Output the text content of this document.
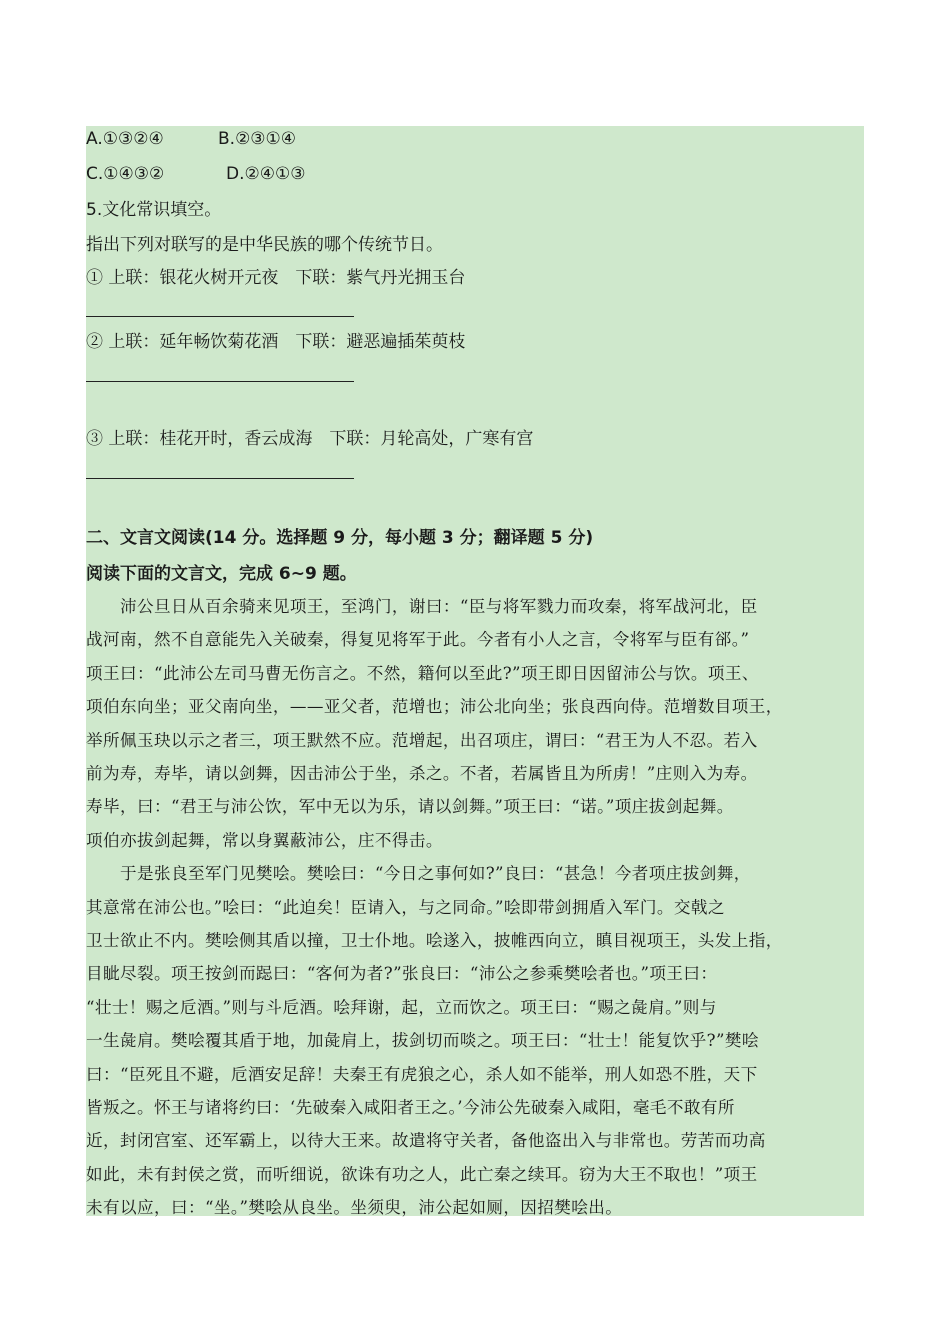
A.①③②④	B.②③①④
C.①④③②	D.②④①③
5.文化常识填空。
指出下列对联写的是中华民族的哪个传统节日。
① 上联：银花火树开元夜　下联：紫气丹光拥玉台
② 上联：延年畅饮菊花酒　下联：避恶遍插茱萸枝
③ 上联：桂花开时，香云成海　下联：月轮高处，广寒有宫
二、文言文阅读(14 分。选择题 9 分，每小题 3 分；翻译题 5 分)
阅读下面的文言文，完成 6~9 题。
　　沛公旦日从百余骑来见项王，至鸿门，谢曰：“臣与将军戮力而攻秦，将军战河北，臣
战河南，然不自意能先入关破秦，得复见将军于此。今者有小人之言，令将军与臣有郤。”
项王曰：“此沛公左司马曹无伤言之。不然，籍何以至此?”项王即日因留沛公与饮。项王、
项伯东向坐；亚父南向坐，——亚父者，范增也；沛公北向坐；张良西向侍。范增数目项王，
举所佩玉玦以示之者三，项王默然不应。范增起，出召项庄，谓曰：“君王为人不忍。若入
前为寿，寿毕，请以剑舞，因击沛公于坐，杀之。不者，若属皆且为所虏！”庄则入为寿。
寿毕，曰：“君王与沛公饮，军中无以为乐，请以剑舞。”项王曰：“诺。”项庄拔剑起舞。
项伯亦拔剑起舞，常以身翼蔽沛公，庄不得击。
　　于是张良至军门见樊哙。樊哙曰：“今日之事何如?”良曰：“甚急！今者项庄拔剑舞，
其意常在沛公也。”哙曰：“此迫矣！臣请入，与之同命。”哙即带剑拥盾入军门。交戟之
卫士欲止不内。樊哙侧其盾以撞，卫士仆地。哙遂入，披帷西向立，瞋目视项王，头发上指，
目眦尽裂。项王按剑而跽曰：“客何为者?”张良曰：“沛公之参乘樊哙者也。”项王曰：
“壮士！赐之卮酒。”则与斗卮酒。哙拜谢，起，立而饮之。项王曰：“赐之彘肩。”则与
一生彘肩。樊哙覆其盾于地，加彘肩上，拔剑切而啖之。项王曰：“壮士！能复饮乎?”樊哙
曰：“臣死且不避，卮酒安足辞！夫秦王有虎狼之心，杀人如不能举，刑人如恐不胜，天下
皆叛之。怀王与诸将约曰：‘先破秦入咸阳者王之。’今沛公先破秦入咸阳，毫毛不敢有所
近，封闭宫室、还军霸上，以待大王来。故遣将守关者，备他盗出入与非常也。劳苦而功高
如此，未有封侯之赏，而听细说，欲诛有功之人，此亡秦之续耳。窃为大王不取也！”项王
未有以应，曰：“坐。”樊哙从良坐。坐须臾，沛公起如厕，因招樊哙出。
